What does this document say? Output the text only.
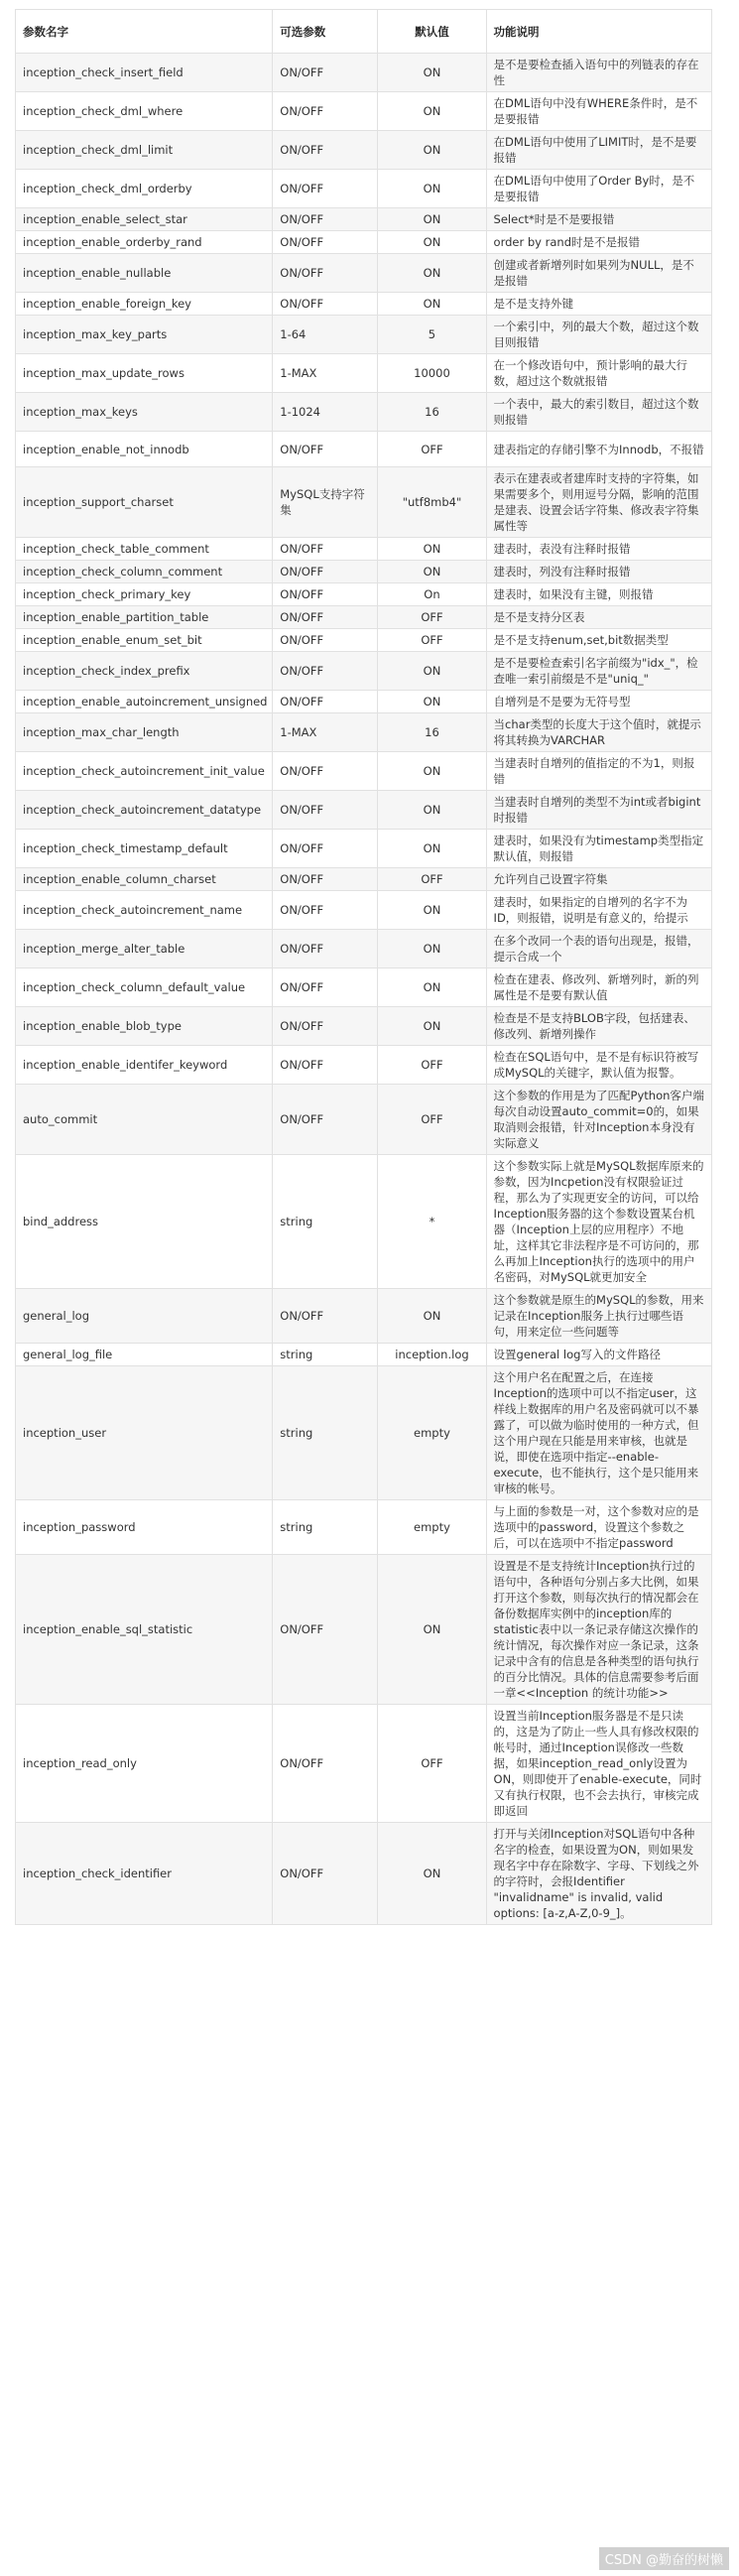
参数名字	可选参数	默认值	功能说明
inception_check_insert_field	ON/OFF	ON	是不是要检查插入语句中的列链表的存在性
inception_check_dml_where	ON/OFF	ON	在DML语句中没有WHERE条件时，是不是要报错
inception_check_dml_limit	ON/OFF	ON	在DML语句中使用了LIMIT时，是不是要报错
inception_check_dml_orderby	ON/OFF	ON	在DML语句中使用了Order By时，是不是要报错
inception_enable_select_star	ON/OFF	ON	Select*时是不是要报错
inception_enable_orderby_rand	ON/OFF	ON	order by rand时是不是报错
inception_enable_nullable	ON/OFF	ON	创建或者新增列时如果列为NULL，是不是报错
inception_enable_foreign_key	ON/OFF	ON	是不是支持外键
inception_max_key_parts	1-64	5	一个索引中，列的最大个数，超过这个数目则报错
inception_max_update_rows	1-MAX	10000	在一个修改语句中，预计影响的最大行数，超过这个数就报错
inception_max_keys	1-1024	16	一个表中，最大的索引数目，超过这个数则报错
inception_enable_not_innodb	ON/OFF	OFF	建表指定的存储引擎不为Innodb，不报错
inception_support_charset	MySQL支持字符集	"utf8mb4"	表示在建表或者建库时支持的字符集，如果需要多个，则用逗号分隔，影响的范围是建表、设置会话字符集、修改表字符集属性等
inception_check_table_comment	ON/OFF	ON	建表时，表没有注释时报错
inception_check_column_comment	ON/OFF	ON	建表时，列没有注释时报错
inception_check_primary_key	ON/OFF	On	建表时，如果没有主键，则报错
inception_enable_partition_table	ON/OFF	OFF	是不是支持分区表
inception_enable_enum_set_bit	ON/OFF	OFF	是不是支持enum,set,bit数据类型
inception_check_index_prefix	ON/OFF	ON	是不是要检查索引名字前缀为"idx_"，检查唯一索引前缀是不是"uniq_"
inception_enable_autoincrement_unsigned	ON/OFF	ON	自增列是不是要为无符号型
inception_max_char_length	1-MAX	16	当char类型的长度大于这个值时，就提示将其转换为VARCHAR
inception_check_autoincrement_init_value	ON/OFF	ON	当建表时自增列的值指定的不为1，则报错
inception_check_autoincrement_datatype	ON/OFF	ON	当建表时自增列的类型不为int或者bigint时报错
inception_check_timestamp_default	ON/OFF	ON	建表时，如果没有为timestamp类型指定默认值，则报错
inception_enable_column_charset	ON/OFF	OFF	允许列自己设置字符集
inception_check_autoincrement_name	ON/OFF	ON	建表时，如果指定的自增列的名字不为ID，则报错，说明是有意义的，给提示
inception_merge_alter_table	ON/OFF	ON	在多个改同一个表的语句出现是，报错，提示合成一个
inception_check_column_default_value	ON/OFF	ON	检查在建表、修改列、新增列时，新的列属性是不是要有默认值
inception_enable_blob_type	ON/OFF	ON	检查是不是支持BLOB字段，包括建表、修改列、新增列操作
inception_enable_identifer_keyword	ON/OFF	OFF	检查在SQL语句中，是不是有标识符被写成MySQL的关键字，默认值为报警。
auto_commit	ON/OFF	OFF	这个参数的作用是为了匹配Python客户端每次自动设置auto_commit=0的，如果取消则会报错，针对Inception本身没有实际意义
bind_address	string	*	这个参数实际上就是MySQL数据库原来的参数，因为Incpetion没有权限验证过程，那么为了实现更安全的访问，可以给Inception服务器的这个参数设置某台机器（Inception上层的应用程序）不地址，这样其它非法程序是不可访问的，那么再加上Inception执行的选项中的用户名密码，对MySQL就更加安全
general_log	ON/OFF	ON	这个参数就是原生的MySQL的参数，用来记录在Inception服务上执行过哪些语句，用来定位一些问题等
general_log_file	string	inception.log	设置general log写入的文件路径
inception_user	string	empty	这个用户名在配置之后，在连接Inception的选项中可以不指定user，这样线上数据库的用户名及密码就可以不暴露了，可以做为临时使用的一种方式，但这个用户现在只能是用来审核，也就是说，即使在选项中指定--enable-execute，也不能执行，这个是只能用来审核的帐号。
inception_password	string	empty	与上面的参数是一对，这个参数对应的是选项中的password，设置这个参数之后，可以在选项中不指定password
inception_enable_sql_statistic	ON/OFF	ON	设置是不是支持统计Inception执行过的语句中，各种语句分别占多大比例，如果打开这个参数，则每次执行的情况都会在备份数据库实例中的inception库的statistic表中以一条记录存储这次操作的统计情况，每次操作对应一条记录，这条记录中含有的信息是各种类型的语句执行的百分比情况。具体的信息需要参考后面一章<<Inception 的统计功能>>
inception_read_only	ON/OFF	OFF	设置当前Inception服务器是不是只读的，这是为了防止一些人具有修改权限的帐号时，通过Inception误修改一些数据，如果inception_read_only设置为ON，则即使开了enable-execute，同时又有执行权限，也不会去执行，审核完成即返回
inception_check_identifier	ON/OFF	ON	打开与关闭Inception对SQL语句中各种名字的检查，如果设置为ON，则如果发现名字中存在除数字、字母、下划线之外的字符时，会报Identifier "invalidname" is invalid, valid options: [a-z,A-Z,0-9_]。
CSDN @勤奋的树懒
